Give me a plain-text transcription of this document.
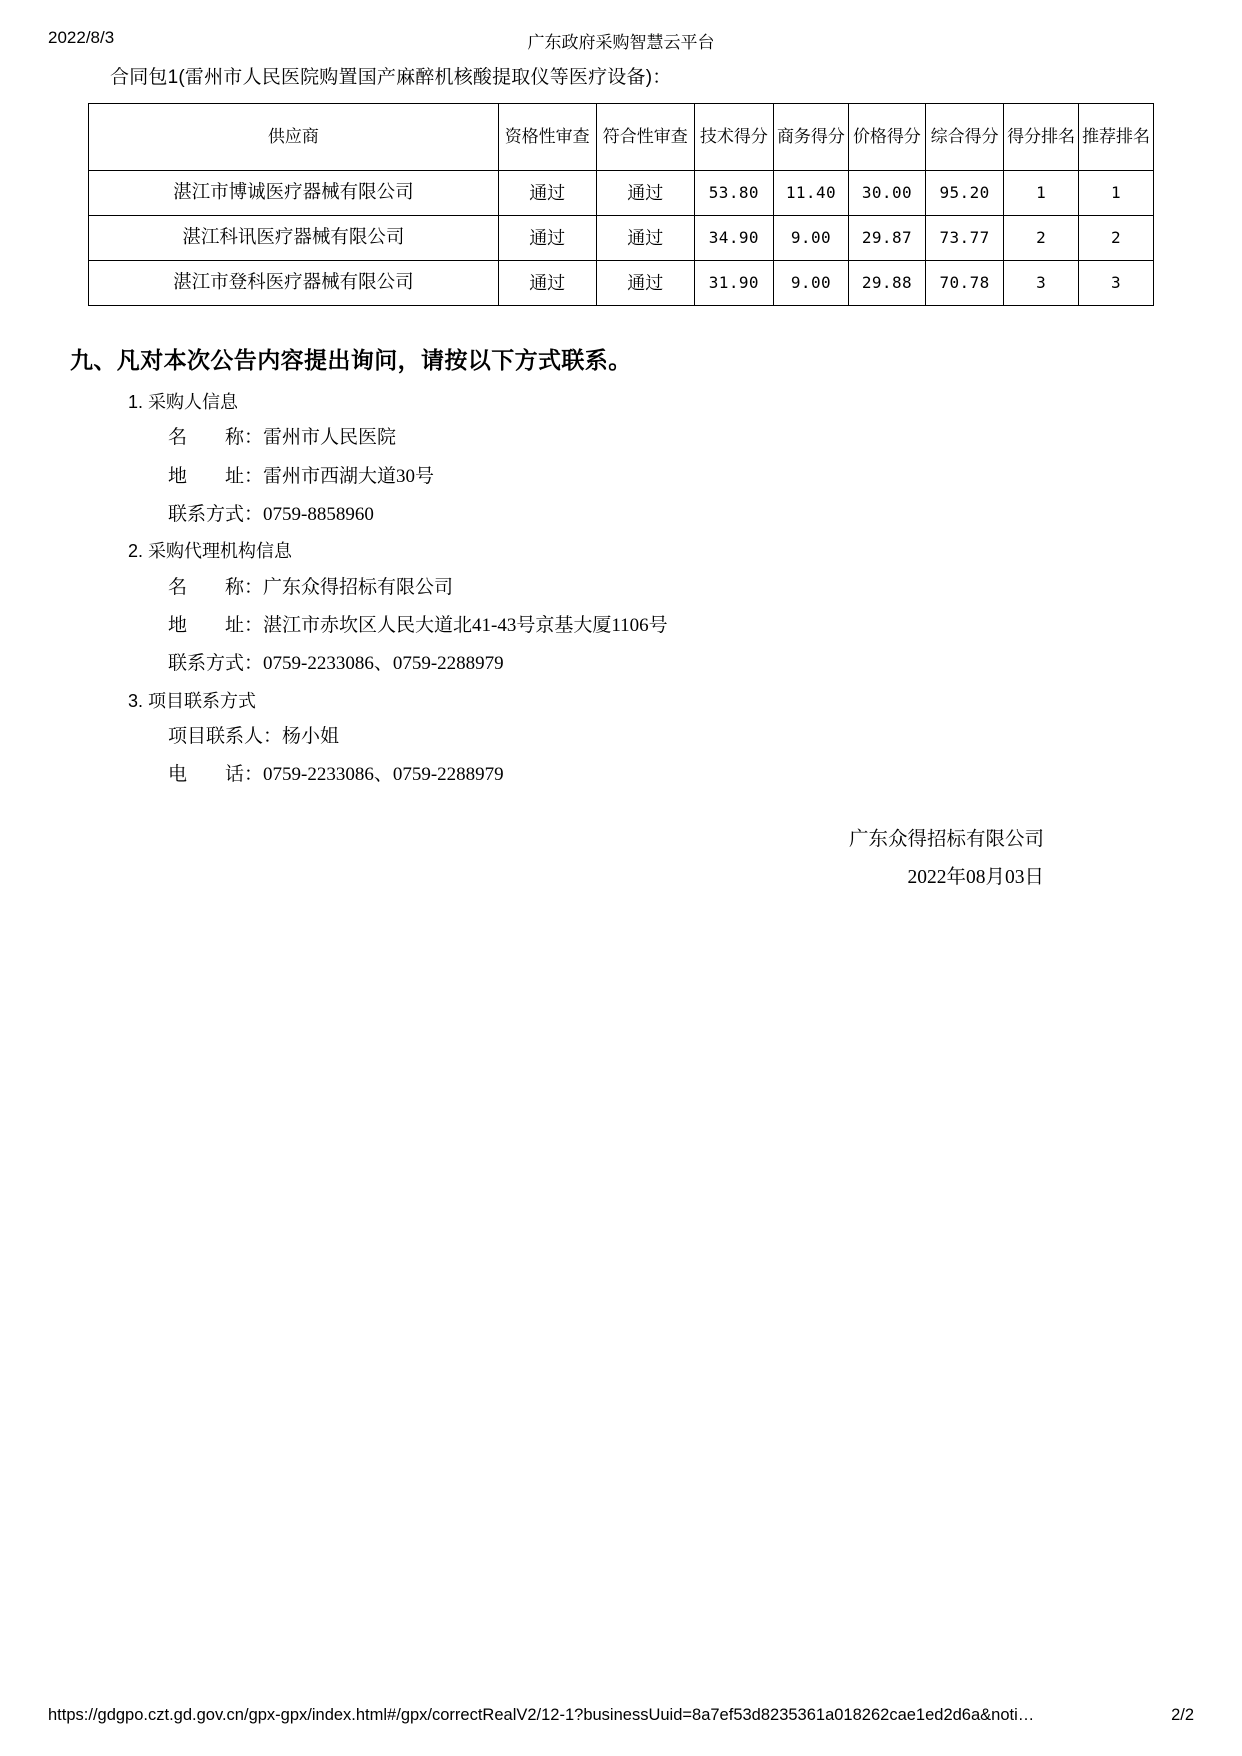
2022/8/3	广东政府采购智慧云平台
合同包1(雷州市人民医院购置国产麻醉机核酸提取仪等医疗设备)：
供应商	资格性审查	符合性审查	技术得分	商务得分	价格得分	综合得分	得分排名	推荐排名
湛江市博诚医疗器械有限公司	通过	通过	53.80	11.40	30.00	95.20	1	1
湛江科讯医疗器械有限公司	通过	通过	34.90	9.00	29.87	73.77	2	2
湛江市登科医疗器械有限公司	通过	通过	31.90	9.00	29.88	70.78	3	3
九、凡对本次公告内容提出询问，请按以下方式联系。
1. 采购人信息
名        称：雷州市人民医院
地        址：雷州市西湖大道30号
联系方式：0759-8858960
2. 采购代理机构信息
名        称：广东众得招标有限公司
地        址：湛江市赤坎区人民大道北41-43号京基大厦1106号
联系方式：0759-2233086、0759-2288979
3. 项目联系方式
项目联系人：杨小姐
电        话：0759-2233086、0759-2288979
广东众得招标有限公司
2022年08月03日
https://gdgpo.czt.gd.gov.cn/gpx-gpx/index.html#/gpx/correctRealV2/12-1?businessUuid=8a7ef53d8235361a018262cae1ed2d6a&noti…	2/2
